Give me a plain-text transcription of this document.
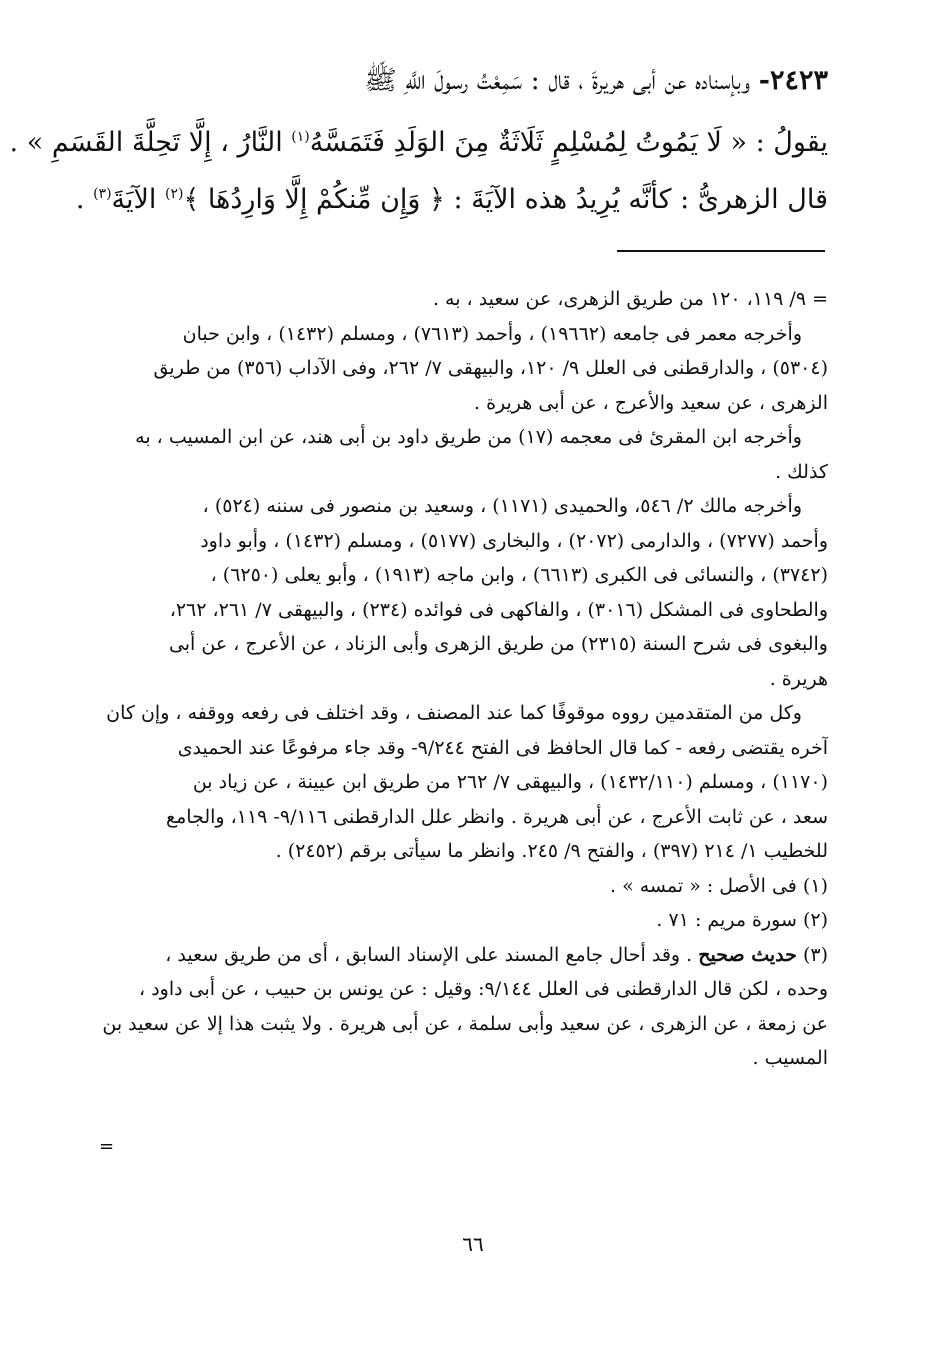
٢٤٢٣- وبإسناده عن أبى هريرةَ ، قال : سَمِعْتُ رسولَ اللَّهِ ﷺ
يقولُ : « لَا يَمُوتُ لِمُسْلِمٍ ثَلَاثَةٌ مِنَ الوَلَدِ فَتَمَسَّهُ$^{(١)}$ النَّارُ ، إِلَّا تَحِلَّةَ القَسَمِ » .
قال الزهرىُّ : كأنَّه يُرِيدُ هذه الآيَةَ : ﴿ وَإِن مِّنكُمْ إِلَّا وَارِدُهَا ﴾$^{(٢)}$ الآيَةَ$^{(٣)}$ .
= ٩/ ١١٩، ١٢٠ من طريق الزهرى، عن سعيد ، به .
وأخرجه معمر فى جامعه (١٩٦٦٢) ، وأحمد (٧٦١٣) ، ومسلم (١٤٣٢) ، وابن حبان
(٥٣٠٤) ، والدارقطنى فى العلل ٩/ ١٢٠، والبيهقى ٧/ ٢٦٢، وفى الآداب (٣٥٦) من طريق
الزهرى ، عن سعيد والأعرج ، عن أبى هريرة .
وأخرجه ابن المقرئ فى معجمه (١٧) من طريق داود بن أبى هند، عن ابن المسيب ، به
كذلك .
وأخرجه مالك ٢/ ٥٤٦، والحميدى (١١٧١) ، وسعيد بن منصور فى سننه (٥٢٤) ،
وأحمد (٧٢٧٧) ، والدارمى (٢٠٧٢) ، والبخارى (٥١٧٧) ، ومسلم (١٤٣٢) ، وأبو داود
(٣٧٤٢) ، والنسائى فى الكبرى (٦٦١٣) ، وابن ماجه (١٩١٣) ، وأبو يعلى (٦٢٥٠) ،
والطحاوى فى المشكل (٣٠١٦) ، والفاكهى فى فوائده (٢٣٤) ، والبيهقى ٧/ ٢٦١، ٢٦٢،
والبغوى فى شرح السنة (٢٣١٥) من طريق الزهرى وأبى الزناد ، عن الأعرج ، عن أبى
هريرة .
وكل من المتقدمين رووه موقوفًا كما عند المصنف ، وقد اختلف فى رفعه ووقفه ، وإن كان
آخره يقتضى رفعه - كما قال الحافظ فى الفتح ٩/٢٤٤- وقد جاء مرفوعًا عند الحميدى
(١١٧٠) ، ومسلم (١٤٣٢/١١٠) ، والبيهقى ٧/ ٢٦٢ من طريق ابن عيينة ، عن زياد بن
سعد ، عن ثابت الأعرج ، عن أبى هريرة . وانظر علل الدارقطنى ٩/١١٦- ١١٩، والجامع
للخطيب ١/ ٢١٤ (٣٩٧) ، والفتح ٩/ ٢٤٥. وانظر ما سيأتى برقم (٢٤٥٢) .
(١) فى الأصل : « تمسه » .
(٢) سورة مريم : ٧١ .
(٣) حديث صحيح . وقد أحال جامع المسند على الإسناد السابق ، أى من طريق سعيد ،
وحده ، لكن قال الدارقطنى فى العلل ٩/١٤٤: وقيل : عن يونس بن حبيب ، عن أبى داود ،
عن زمعة ، عن الزهرى ، عن سعيد وأبى سلمة ، عن أبى هريرة . ولا يثبت هذا إلا عن سعيد بن
المسيب .
=
٦٦
